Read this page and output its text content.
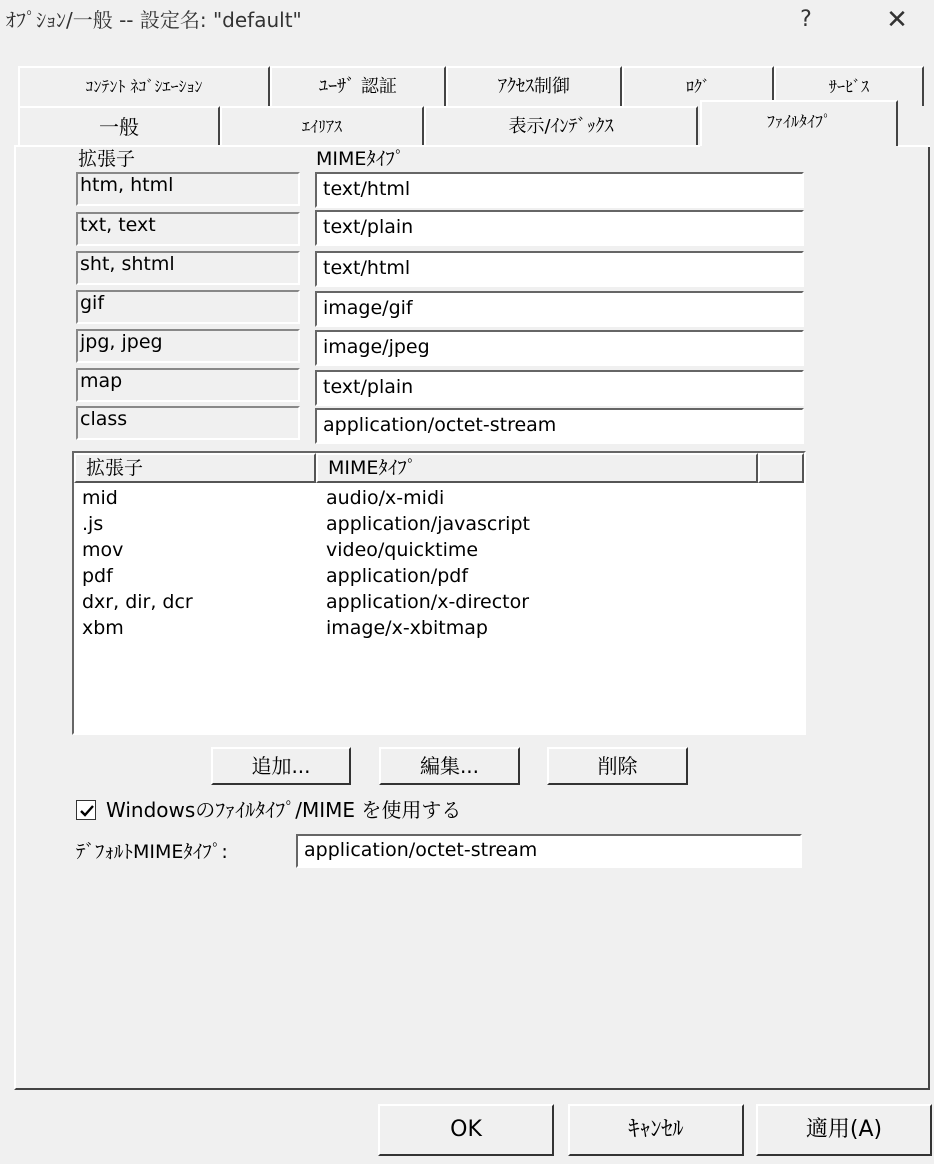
ｵﾌﾟｼｮﾝ/一般 -- 設定名: "default"	?	✕
ｺﾝﾃﾝﾄ ﾈｺﾞｼｴｰｼｮﾝ	ﾕｰｻﾞ 認証	ｱｸｾｽ制御	ﾛｸﾞ	ｻｰﾋﾞｽ
一般	ｴｲﾘｱｽ	表示/ｲﾝﾃﾞｯｸｽ	ﾌｧｲﾙﾀｲﾌﾟ
拡張子	MIMEﾀｲﾌﾟ
htm, html	text/html
txt, text	text/plain
sht, shtml	text/html
gif	image/gif
jpg, jpeg	image/jpeg
map	text/plain
class	application/octet-stream
拡張子	MIMEﾀｲﾌﾟ
mid	audio/x-midi
.js	application/javascript
mov	video/quicktime
pdf	application/pdf
dxr, dir, dcr	application/x-director
xbm	image/x-xbitmap
追加...	編集...	削除
Windowsのﾌｧｲﾙﾀｲﾌﾟ/MIME を使用する
ﾃﾞﾌｫﾙﾄMIMEﾀｲﾌﾟ:	application/octet-stream
OK	ｷｬﾝｾﾙ	適用(A)
